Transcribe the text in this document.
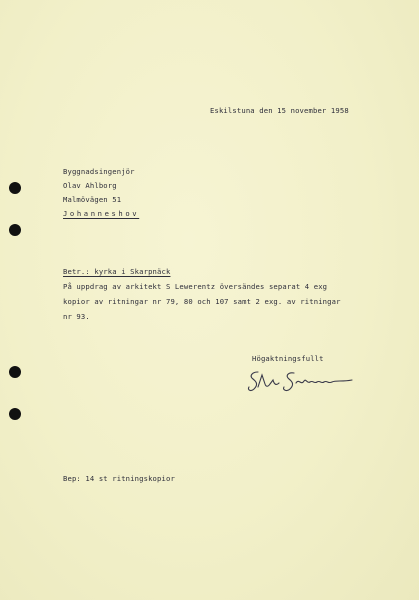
Eskilstuna den 15 november 1958
Byggnadsingenjör
Olav Ahlborg
Malmövägen 51
Johanneshov
Betr.: kyrka i Skarpnäck
På uppdrag av arkitekt S Lewerentz översändes separat 4 exg
kopior av ritningar nr 79, 80 och 107 samt 2 exg. av ritningar
nr 93.
Högaktningsfullt
Bep: 14 st ritningskopior
